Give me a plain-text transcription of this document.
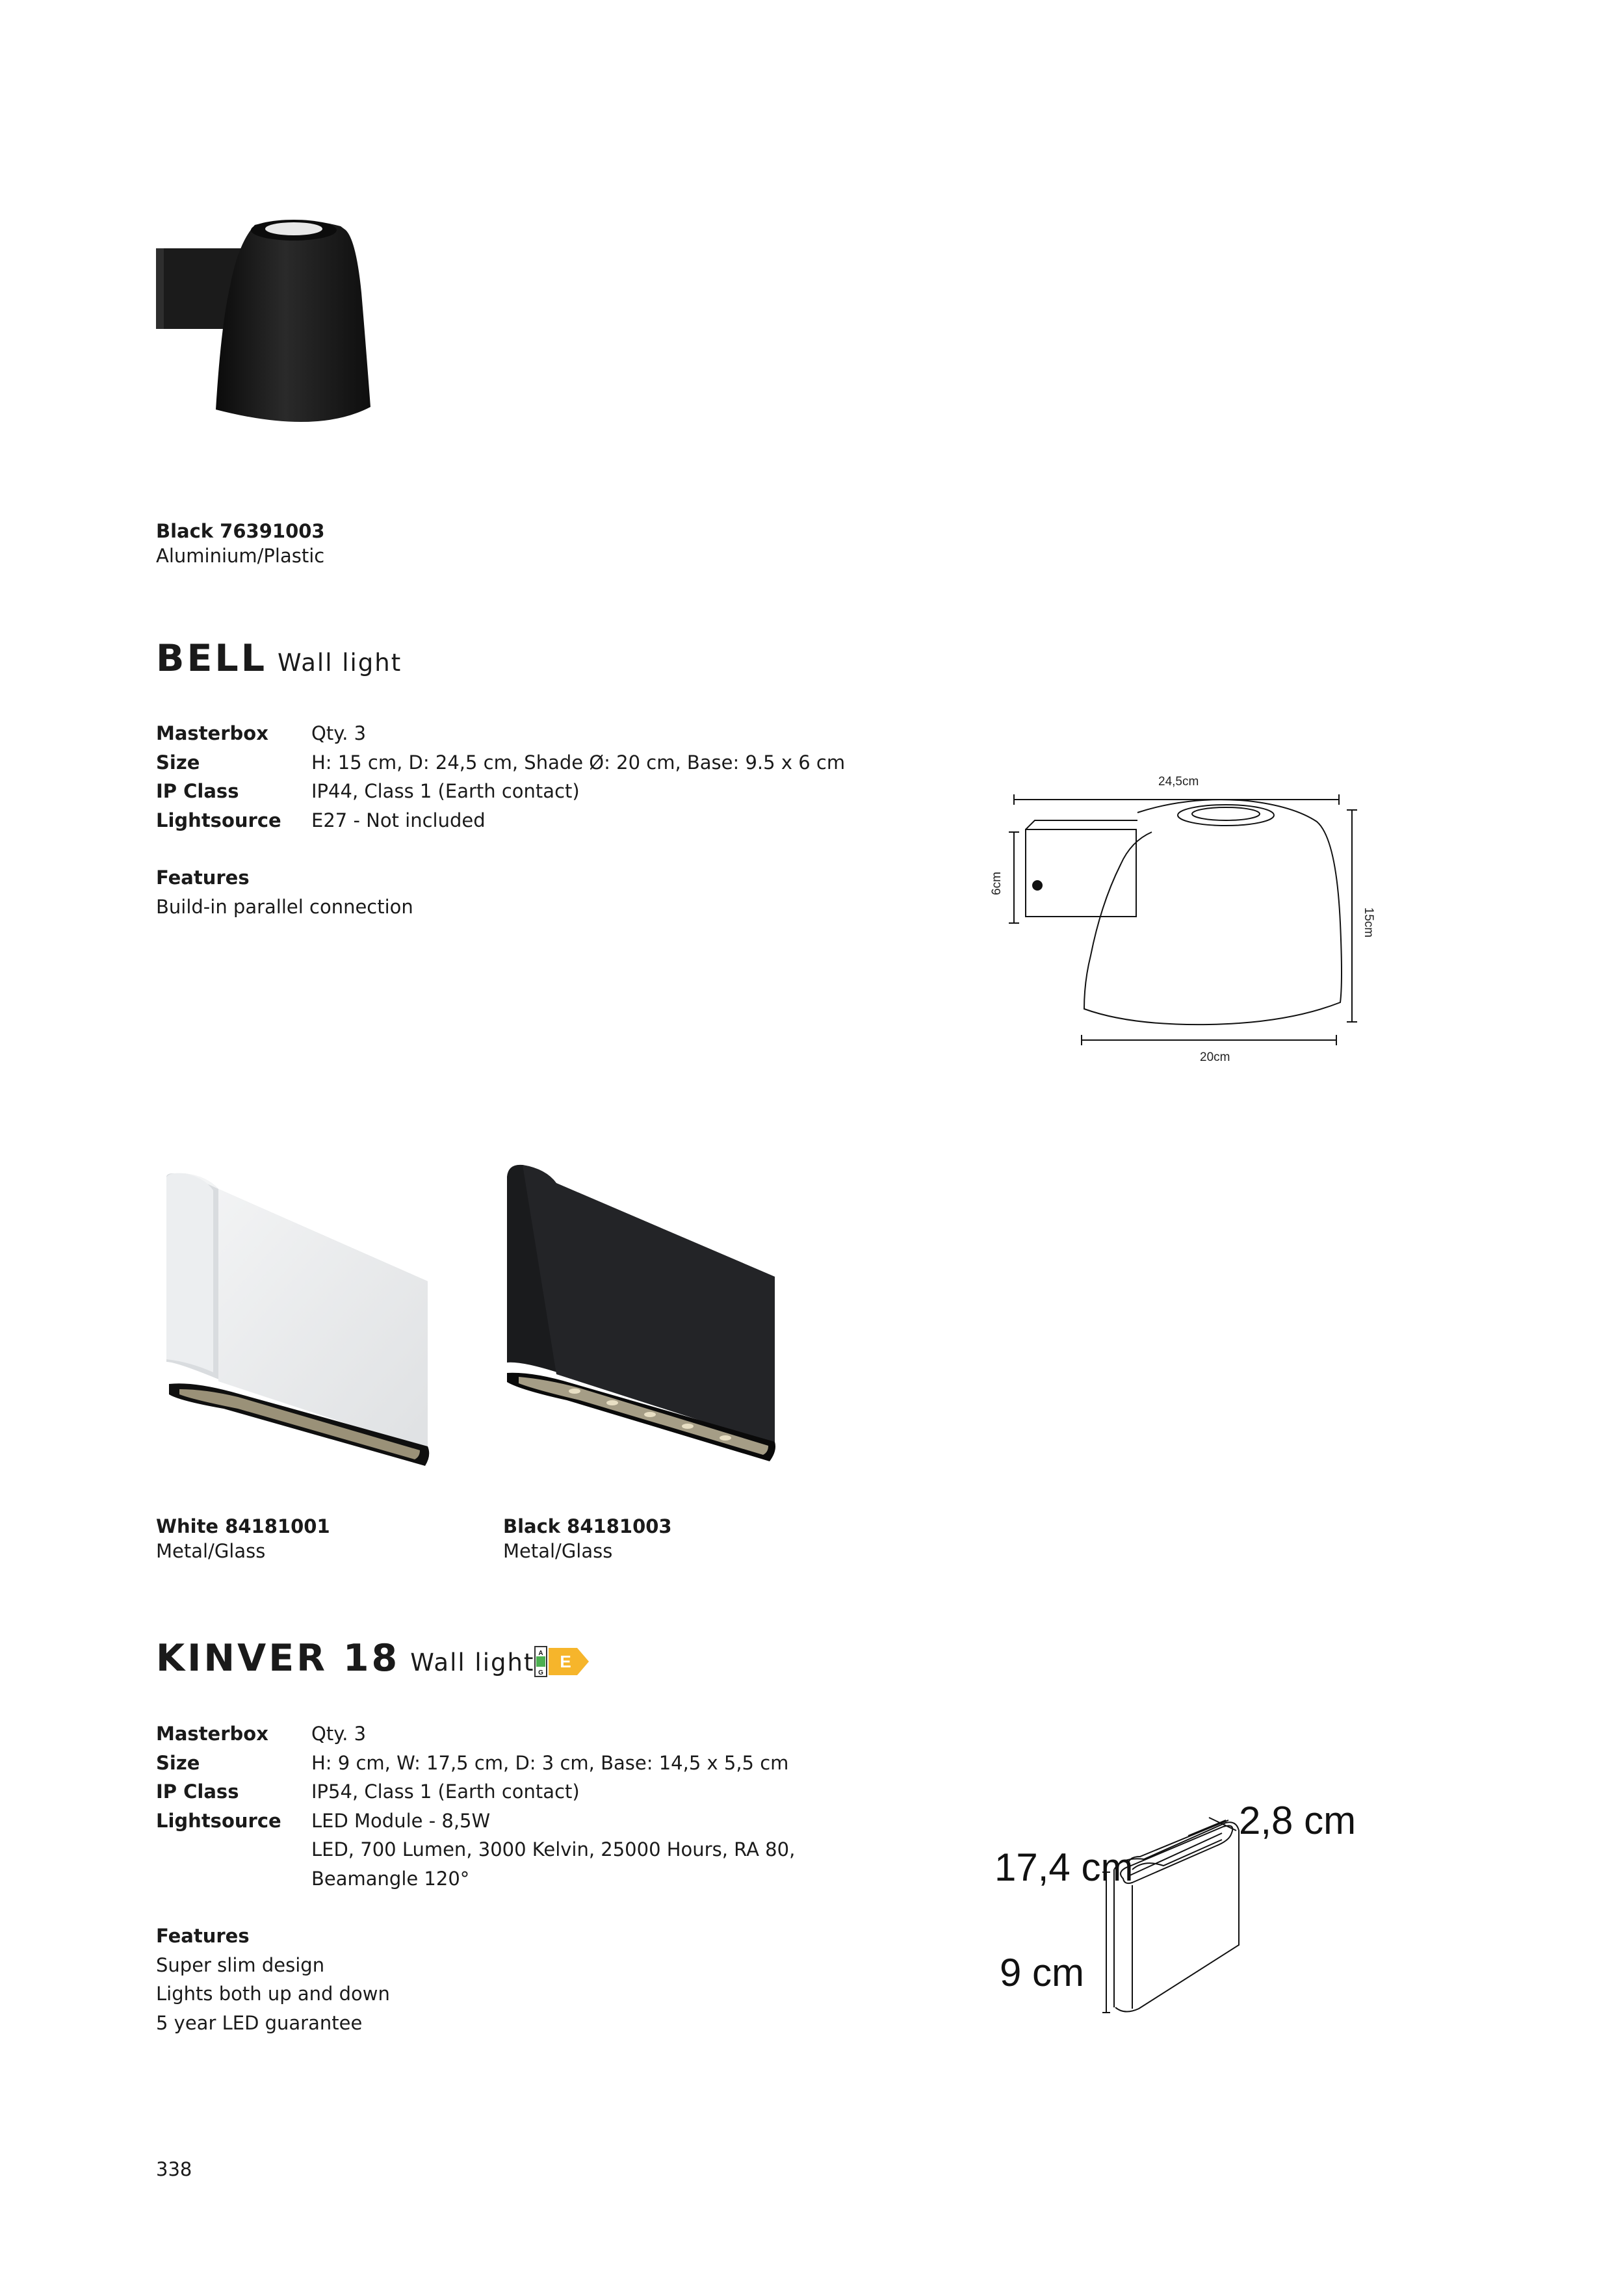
Black 76391003
Aluminium/Plastic
BELL Wall light
Masterbox Qty. 3
Size	H: 15 cm, D: 24,5 cm, Shade Ø: 20 cm, Base: 9.5 x 6 cm
IP Class	IP44, Class 1 (Earth contact)
Lightsource E27 - Not included
Features
Build-in parallel connection
24,5cm
6cm
15cm
20cm
White 84181001
Metal/Glass
Black 84181003
Metal/Glass
KINVER 18 Wall light A
G
E
Masterbox Qty. 3
Size	H: 9 cm, W: 17,5 cm, D: 3 cm, Base: 14,5 x 5,5 cm
IP Class	IP54, Class 1 (Earth contact)
Lightsource LED Module - 8,5W
LED, 700 Lumen, 3000 Kelvin, 25000 Hours, RA 80,
Beamangle 120°
Features
Super slim design
Lights both up and down
5 year LED guarantee
17,4 cm
2,8 cm
9 cm
338
